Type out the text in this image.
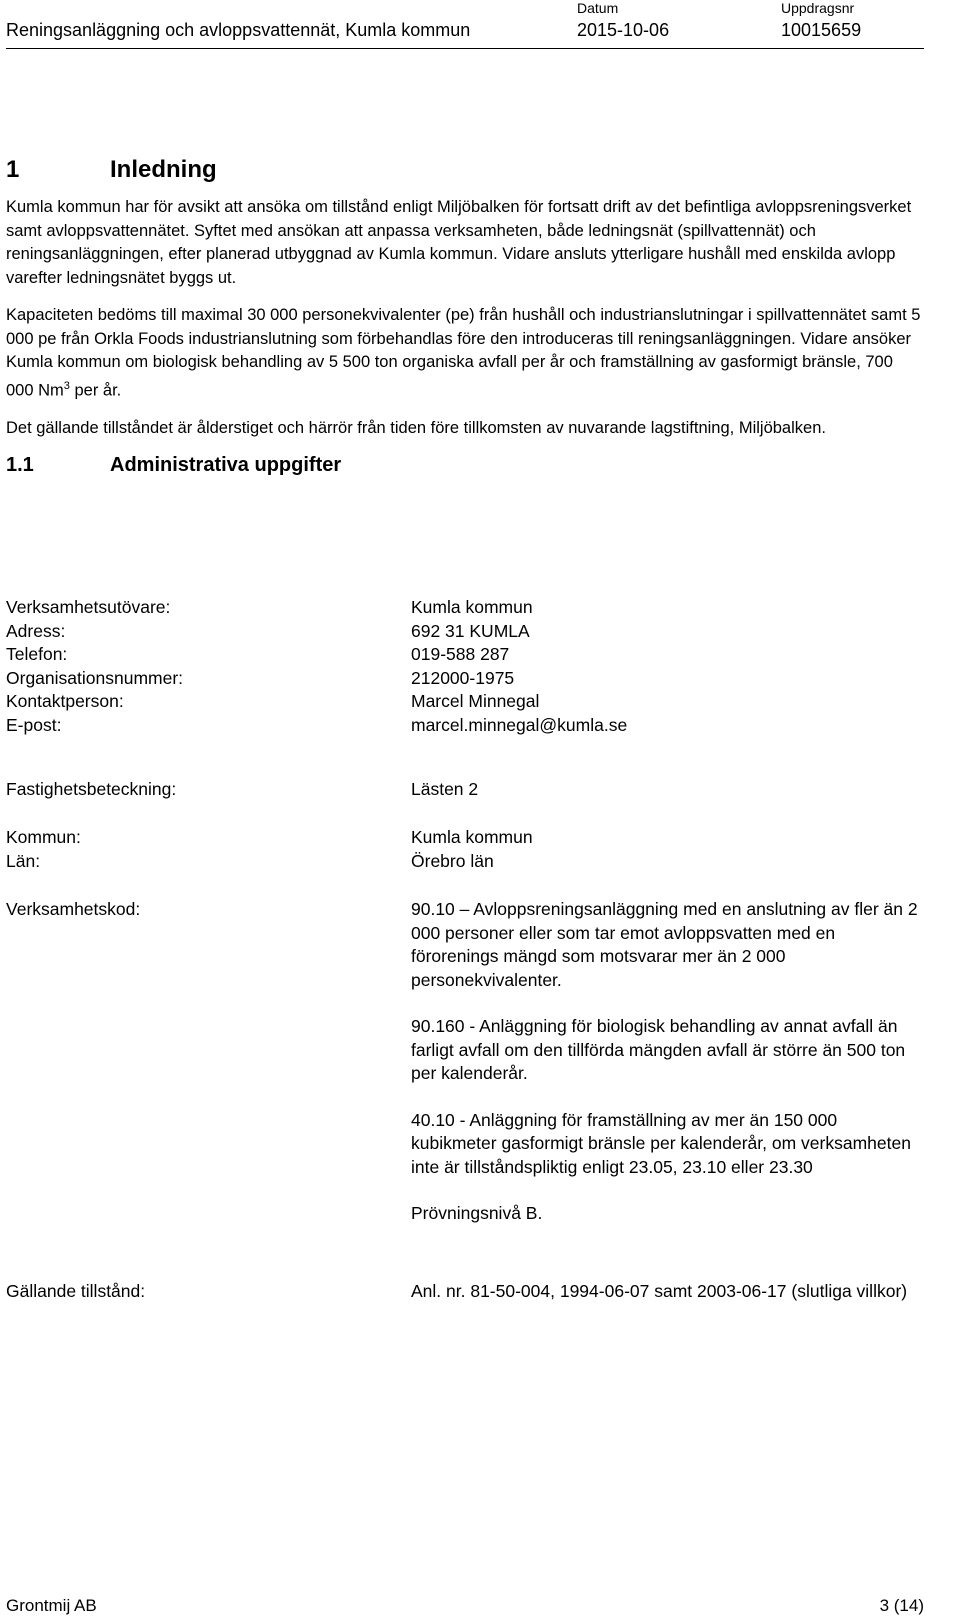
Reningsanläggning och avloppsvattennät, Kumla kommun
Datum
2015-10-06
Uppdragsnr
10015659
1	Inledning

Kumla kommun har för avsikt att ansöka om tillstånd enligt Miljöbalken för fortsatt drift av det befintliga avloppsreningsverket samt avloppsvattennätet. Syftet med ansökan att anpassa verksamheten, både ledningsnät (spillvattennät) och reningsanläggningen, efter planerad utbyggnad av Kumla kommun. Vidare ansluts ytterligare hushåll med enskilda avlopp varefter ledningsnätet byggs ut.

Kapaciteten bedöms till maximal 30 000 personekvivalenter (pe) från hushåll och industrianslutningar i spillvattennätet samt 5 000 pe från Orkla Foods industrianslutning som förbehandlas före den introduceras till reningsanläggningen. Vidare ansöker Kumla kommun om biologisk behandling av 5 500 ton organiska avfall per år och framställning av gasformigt bränsle, 700 000 Nm$^3$ per år.

Det gällande tillståndet är ålderstiget och härrör från tiden före tillkomsten av nuvarande lagstiftning, Miljöbalken.

1.1	Administrativa uppgifter
Verksamhetsutövare:	Kumla kommun
Adress:	692 31 KUMLA
Telefon:	019-588 287
Organisationsnummer:	212000-1975
Kontaktperson:	Marcel Minnegal
E-post:	marcel.minnegal@kumla.se
Fastighetsbeteckning:	Lästen 2
Kommun:	Kumla kommun
Län:	Örebro län
Verksamhetskod:	90.10 – Avloppsreningsanläggning med en anslutning av fler än 2 000 personer eller som tar emot avloppsvatten med en förorenings mängd som motsvarar mer än 2 000 personekvivalenter.
90.160 - Anläggning för biologisk behandling av annat avfall än farligt avfall om den tillförda mängden avfall är större än 500 ton per kalenderår.
40.10 - Anläggning för framställning av mer än 150 000 kubikmeter gasformigt bränsle per kalenderår, om verksamheten inte är tillståndspliktig enligt 23.05, 23.10 eller 23.30
Prövningsnivå B.
Gällande tillstånd:	Anl. nr. 81-50-004, 1994-06-07 samt 2003-06-17 (slutliga villkor)
Grontmij AB	3 (14)
